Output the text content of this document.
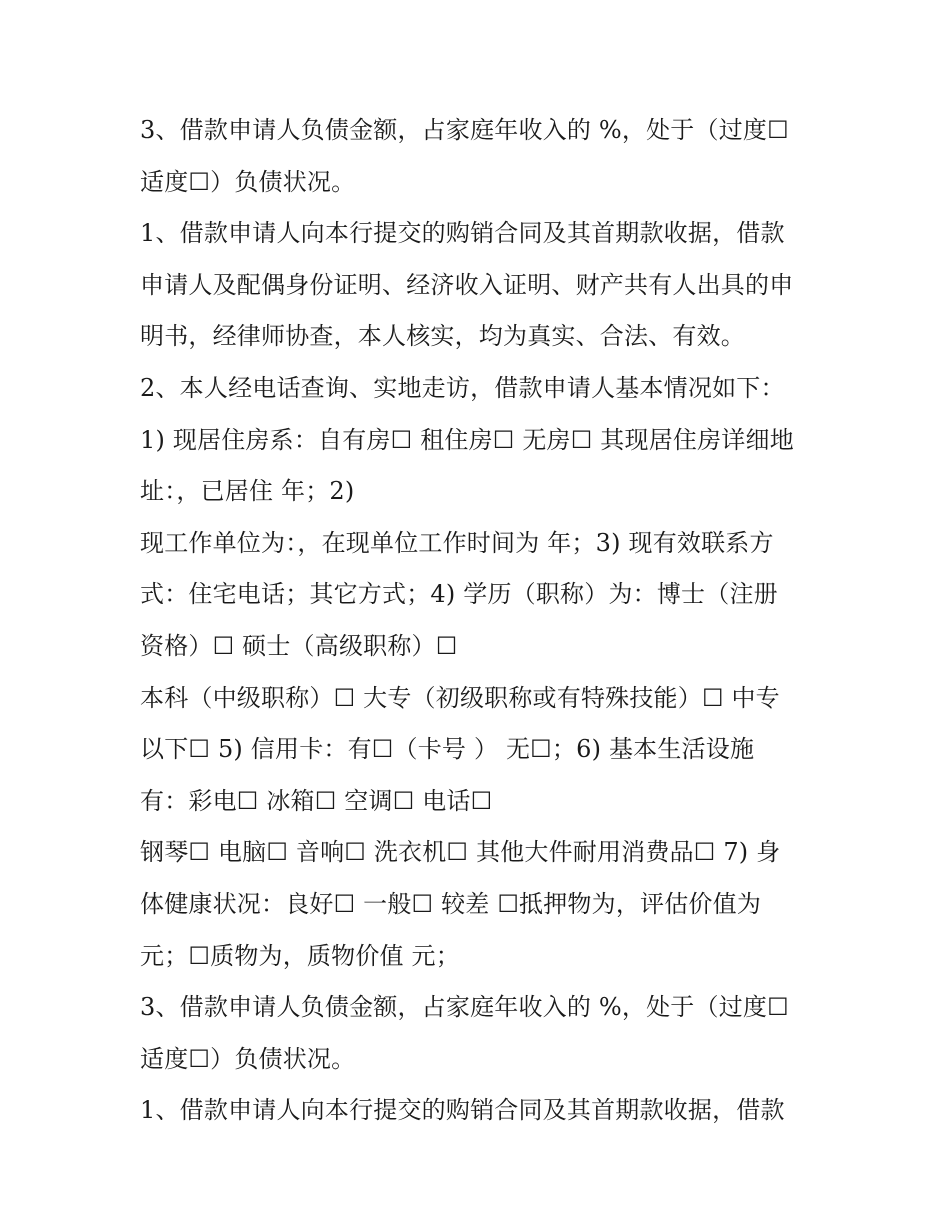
3、借款申请人负债金额，占家庭年收入的 %，处于（过度☐
适度☐）负债状况。
1、借款申请人向本行提交的购销合同及其首期款收据，借款
申请人及配偶身份证明、经济收入证明、财产共有人出具的申
明书，经律师协查，本人核实，均为真实、合法、有效。
2、本人经电话查询、实地走访，借款申请人基本情况如下：
1) 现居住房系：自有房☐ 租住房☐ 无房☐ 其现居住房详细地
址：，已居住 年；2)
现工作单位为：，在现单位工作时间为 年；3) 现有效联系方
式：住宅电话；其它方式；4) 学历（职称）为：博士（注册
资格）☐ 硕士（高级职称）☐
本科（中级职称）☐ 大专（初级职称或有特殊技能）☐ 中专
以下☐ 5) 信用卡：有☐（卡号 ） 无☐；6) 基本生活设施
有：彩电☐ 冰箱☐ 空调☐ 电话☐
钢琴☐ 电脑☐ 音响☐ 洗衣机☐ 其他大件耐用消费品☐ 7) 身
体健康状况：良好☐ 一般☐ 较差 ☐抵押物为，评估价值为
元；☐质物为，质物价值 元；
3、借款申请人负债金额，占家庭年收入的 %，处于（过度☐
适度☐）负债状况。
1、借款申请人向本行提交的购销合同及其首期款收据，借款
